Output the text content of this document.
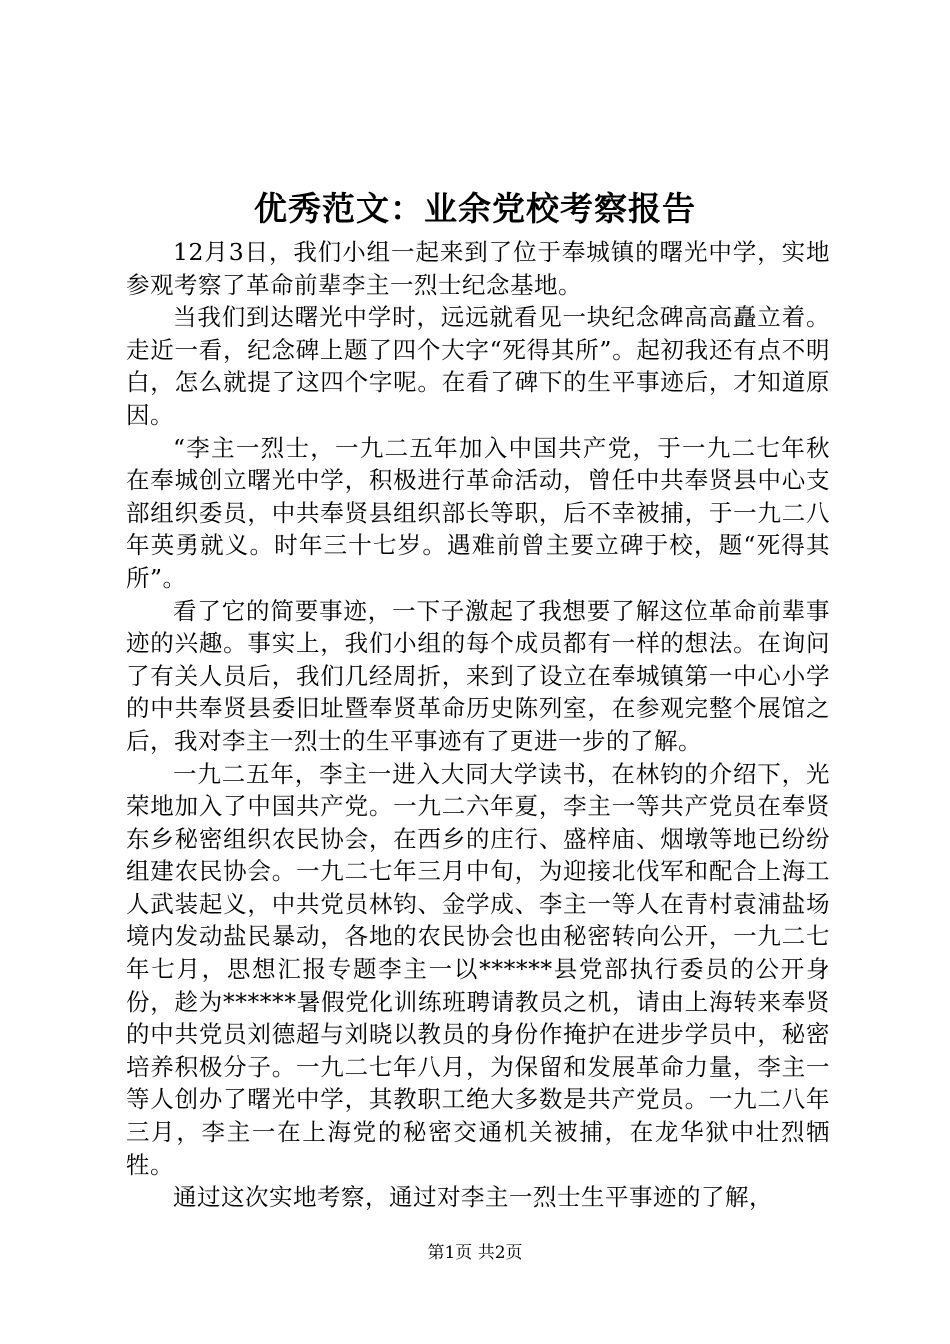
优秀范文：业余党校考察报告

12月3日，我们小组一起来到了位于奉城镇的曙光中学，实地参观考察了革命前辈李主一烈士纪念基地。

当我们到达曙光中学时，远远就看见一块纪念碑高高矗立着。走近一看，纪念碑上题了四个大字“死得其所”。起初我还有点不明白，怎么就提了这四个字呢。在看了碑下的生平事迹后，才知道原因。

“李主一烈士，一九二五年加入中国共产党，于一九二七年秋在奉城创立曙光中学，积极进行革命活动，曾任中共奉贤县中心支部组织委员，中共奉贤县组织部长等职，后不幸被捕，于一九二八年英勇就义。时年三十七岁。遇难前曾主要立碑于校，题“死得其所”。

看了它的简要事迹，一下子激起了我想要了解这位革命前辈事迹的兴趣。事实上，我们小组的每个成员都有一样的想法。在询问了有关人员后，我们几经周折，来到了设立在奉城镇第一中心小学的中共奉贤县委旧址暨奉贤革命历史陈列室，在参观完整个展馆之后，我对李主一烈士的生平事迹有了更进一步的了解。

一九二五年，李主一进入大同大学读书，在林钧的介绍下，光荣地加入了中国共产党。一九二六年夏，李主一等共产党员在奉贤东乡秘密组织农民协会，在西乡的庄行、盛梓庙、烟墩等地已纷纷组建农民协会。一九二七年三月中旬，为迎接北伐军和配合上海工人武装起义，中共党员林钧、金学成、李主一等人在青村袁浦盐场境内发动盐民暴动，各地的农民协会也由秘密转向公开，一九二七年七月，思想汇报专题李主一以******县党部执行委员的公开身份，趁为******暑假党化训练班聘请教员之机，请由上海转来奉贤的中共党员刘德超与刘晓以教员的身份作掩护在进步学员中，秘密培养积极分子。一九二七年八月，为保留和发展革命力量，李主一等人创办了曙光中学，其教职工绝大多数是共产党员。一九二八年三月，李主一在上海党的秘密交通机关被捕，在龙华狱中壮烈牺牲。

通过这次实地考察，通过对李主一烈士生平事迹的了解，

第1页 共2页
